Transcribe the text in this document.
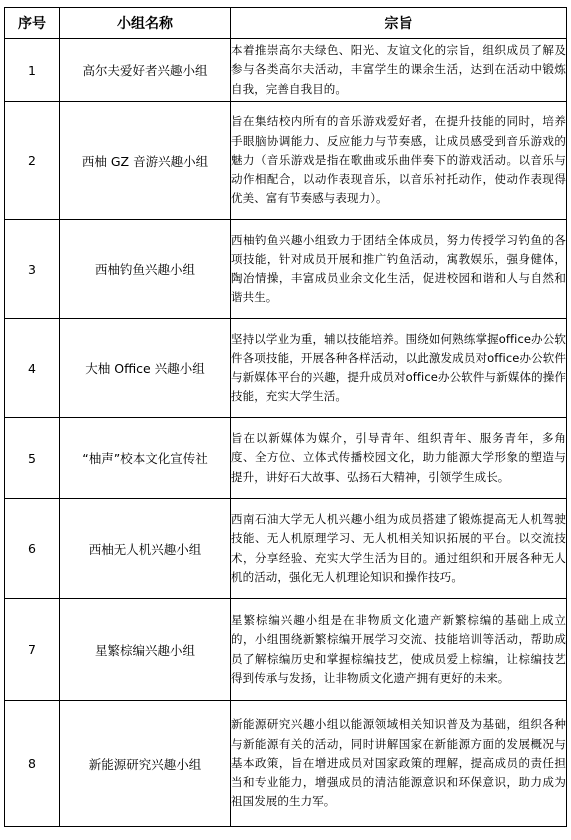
序号	小组名称	宗旨
1	高尔夫爱好者兴趣小组	本着推崇高尔夫绿色、阳光、友谊文化的宗旨，组织成员了解及参与各类高尔夫活动，丰富学生的课余生活，达到在活动中锻炼自我，完善自我目的。
2	西柚 GZ 音游兴趣小组	旨在集结校内所有的音乐游戏爱好者，在提升技能的同时，培养手眼脑协调能力、反应能力与节奏感，让成员感受到音乐游戏的魅力（音乐游戏是指在歌曲或乐曲伴奏下的游戏活动。以音乐与动作相配合，以动作表现音乐，以音乐衬托动作，使动作表现得优美、富有节奏感与表现力）。
3	西柚钓鱼兴趣小组	西柚钓鱼兴趣小组致力于团结全体成员，努力传授学习钓鱼的各项技能，针对成员开展和推广钓鱼活动，寓教娱乐，强身健体，陶冶情操，丰富成员业余文化生活，促进校园和谐和人与自然和谐共生。
4	大柚 Office 兴趣小组	坚持以学业为重，辅以技能培养。围绕如何熟练掌握office办公软件各项技能，开展各种各样活动，以此激发成员对office办公软件与新媒体平台的兴趣，提升成员对office办公软件与新媒体的操作技能，充实大学生活。
5	“柚声”校本文化宣传社	旨在以新媒体为媒介，引导青年、组织青年、服务青年，多角度、全方位、立体式传播校园文化，助力能源大学形象的塑造与提升，讲好石大故事、弘扬石大精神，引领学生成长。
6	西柚无人机兴趣小组	西南石油大学无人机兴趣小组为成员搭建了锻炼提高无人机驾驶技能、无人机原理学习、无人机相关知识拓展的平台。以交流技术，分享经验、充实大学生活为目的。通过组织和开展各种无人机的活动，强化无人机理论知识和操作技巧。
7	星繁棕编兴趣小组	星繁棕编兴趣小组是在非物质文化遗产新繁棕编的基础上成立的，小组围绕新繁棕编开展学习交流、技能培训等活动，帮助成员了解棕编历史和掌握棕编技艺，使成员爱上棕编，让棕编技艺得到传承与发扬，让非物质文化遗产拥有更好的未来。
8	新能源研究兴趣小组	新能源研究兴趣小组以能源领域相关知识普及为基础，组织各种与新能源有关的活动，同时讲解国家在新能源方面的发展概况与基本政策，旨在增进成员对国家政策的理解，提高成员的责任担当和专业能力，增强成员的清洁能源意识和环保意识，助力成为祖国发展的生力军。
